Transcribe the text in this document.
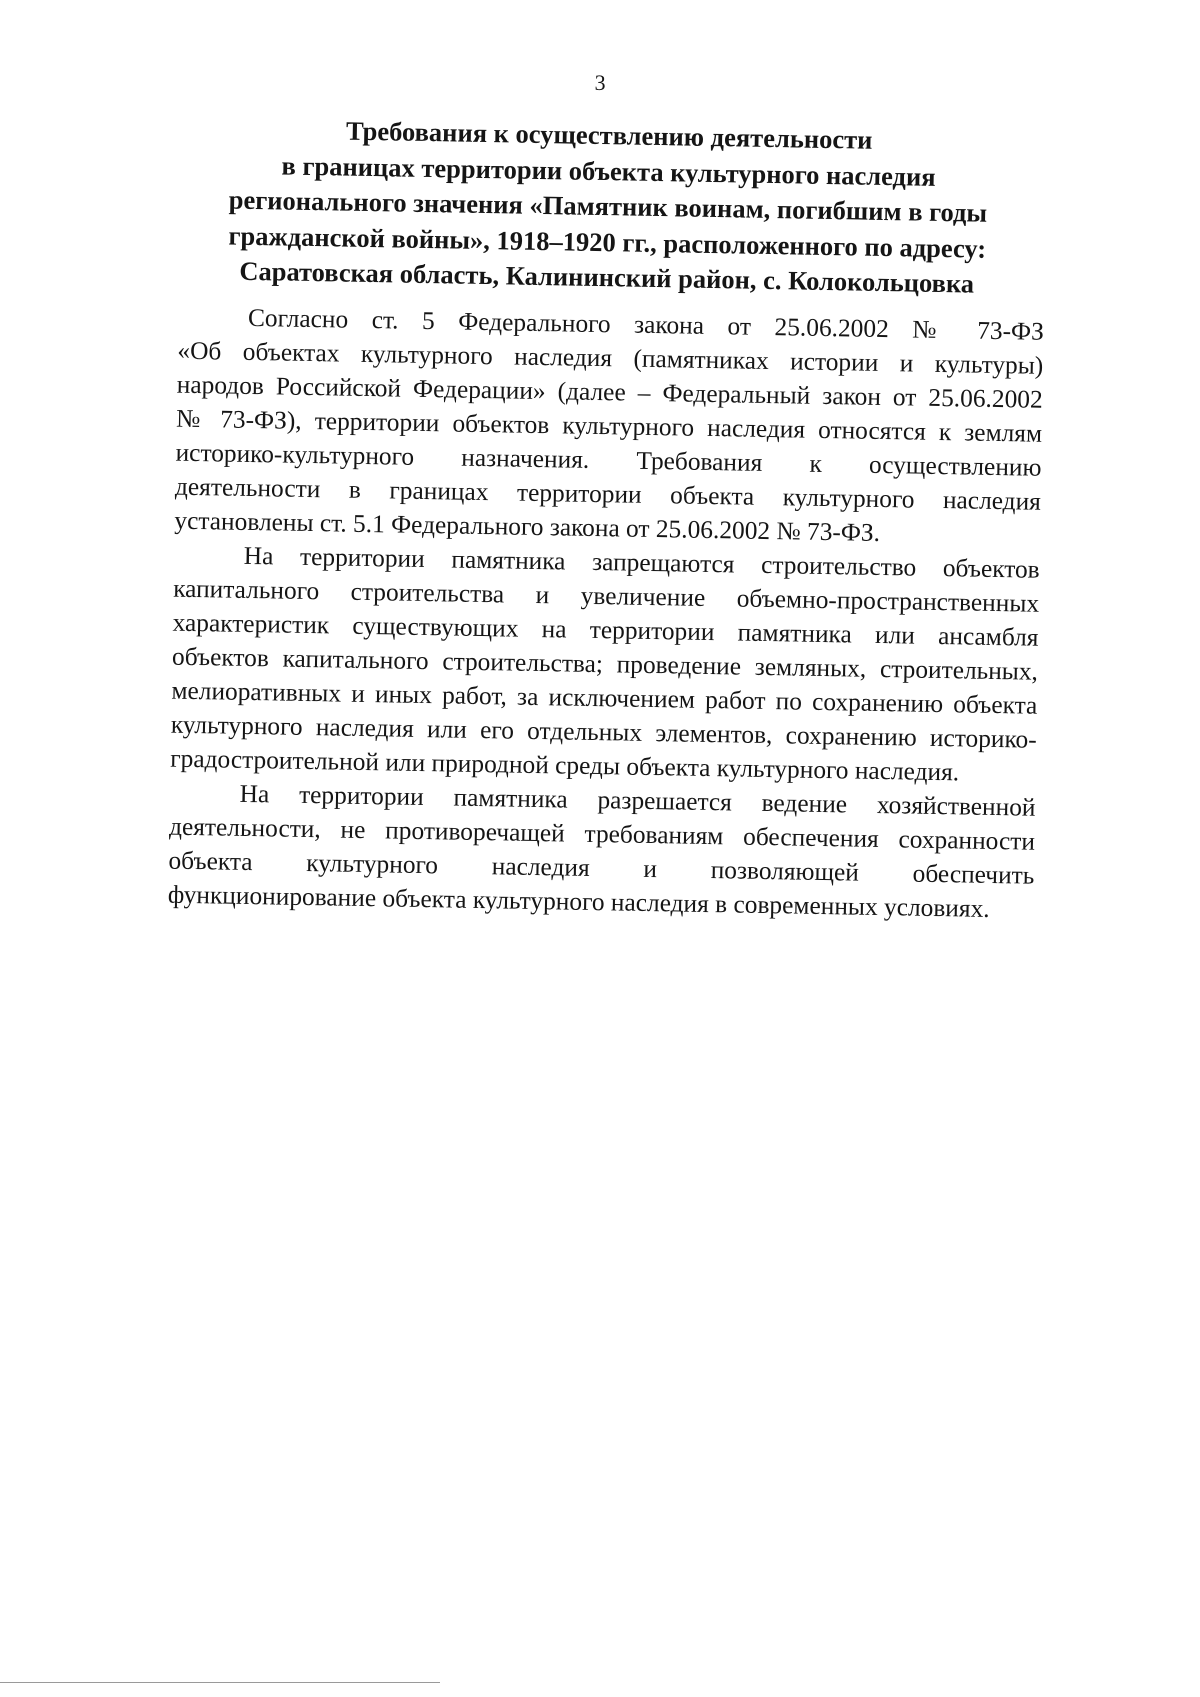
3
Требования к осуществлению деятельности
в границах территории объекта культурного наследия
регионального значения «Памятник воинам, погибшим в годы
гражданской войны», 1918–1920 гг., расположенного по адресу:
Саратовская область, Калининский район, с. Колокольцовка
Согласно ст. 5 Федерального закона от 25.06.2002 № 73-ФЗ
«Об объектах культурного наследия (памятниках истории и культуры)
народов Российской Федерации» (далее – Федеральный закон от 25.06.2002
№ 73-ФЗ), территории объектов культурного наследия относятся к землям
историко-культурного назначения. Требования к осуществлению
деятельности в границах территории объекта культурного наследия
установлены ст. 5.1 Федерального закона от 25.06.2002 № 73-ФЗ.
На территории памятника запрещаются строительство объектов
капитального строительства и увеличение объемно-пространственных
характеристик существующих на территории памятника или ансамбля
объектов капитального строительства; проведение земляных, строительных,
мелиоративных и иных работ, за исключением работ по сохранению объекта
культурного наследия или его отдельных элементов, сохранению историко-
градостроительной или природной среды объекта культурного наследия.
На территории памятника разрешается ведение хозяйственной
деятельности, не противоречащей требованиям обеспечения сохранности
объекта культурного наследия и позволяющей обеспечить
функционирование объекта культурного наследия в современных условиях.
